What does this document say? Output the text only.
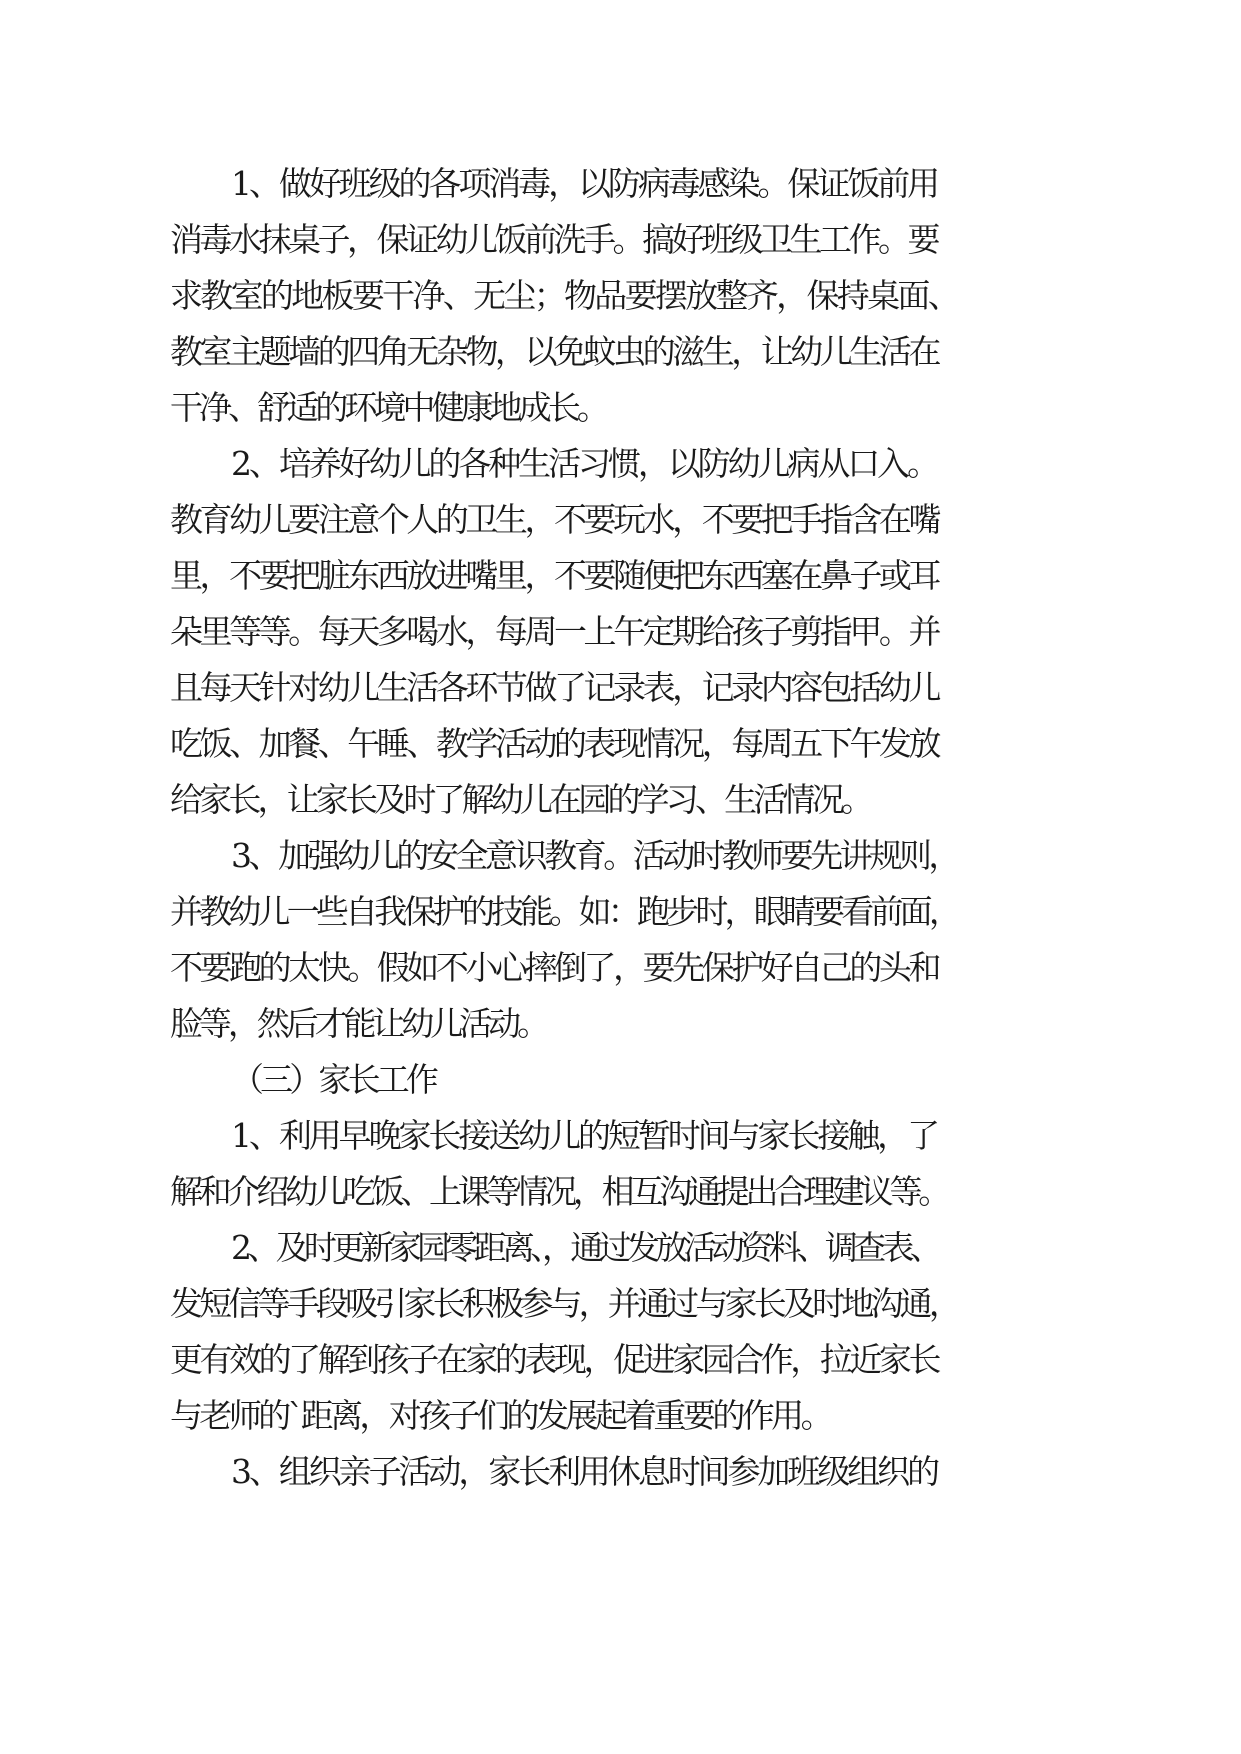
1、做好班级的各项消毒，以防病毒感染。保证饭前用
消毒水抹桌子，保证幼儿饭前洗手。搞好班级卫生工作。要
求教室的地板要干净、无尘；物品要摆放整齐，保持桌面、
教室主题墙的四角无杂物，以免蚊虫的滋生，让幼儿生活在
干净、舒适的环境中健康地成长。
2、培养好幼儿的各种生活习惯，以防幼儿病从口入。
教育幼儿要注意个人的卫生，不要玩水，不要把手指含在嘴
里，不要把脏东西放进嘴里，不要随便把东西塞在鼻子或耳
朵里等等。每天多喝水，每周一上午定期给孩子剪指甲。并
且每天针对幼儿生活各环节做了记录表，记录内容包括幼儿
吃饭、加餐、午睡、教学活动的表现情况，每周五下午发放
给家长，让家长及时了解幼儿在园的学习、生活情况。
3、加强幼儿的安全意识教育。活动时教师要先讲规则，
并教幼儿一些自我保护的技能。如：跑步时，眼睛要看前面，
不要跑的太快。假如不小心摔倒了，要先保护好自己的头和
脸等，然后才能让幼儿活动。
（三）家长工作
1、利用早晚家长接送幼儿的短暂时间与家长接触，了
解和介绍幼儿吃饭、上课等情况，相互沟通提出合理建议等。
2、及时更新家园零距离、，通过发放活动资料、调查表、
发短信等手段吸引家长积极参与，并通过与家长及时地沟通，
更有效的了解到孩子在家的表现，促进家园合作，拉近家长
与老师的`距离，对孩子们的发展起着重要的作用。
3、组织亲子活动，家长利用休息时间参加班级组织的
